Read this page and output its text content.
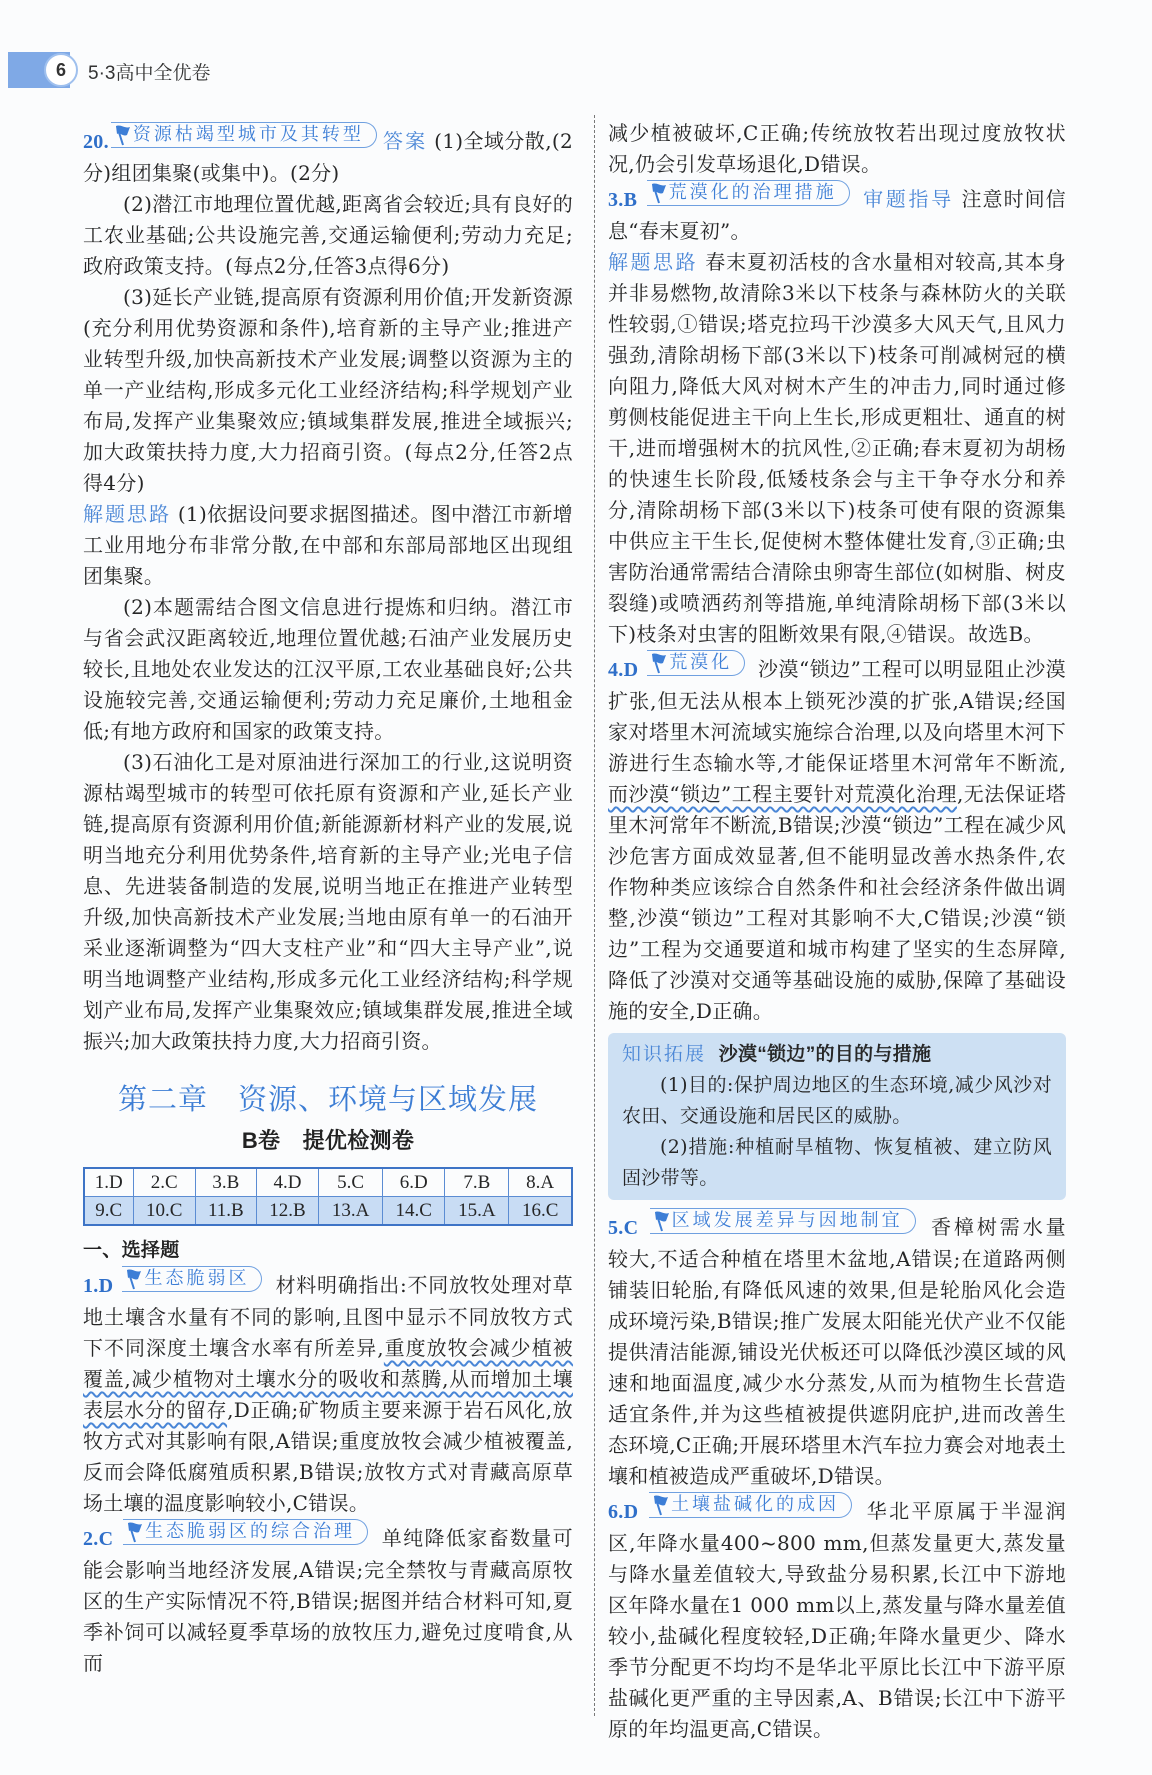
6	5·3高中全优卷

20. 资源枯竭型城市及其转型 答案 (1)全域分散,(2分)组团集聚(或集中)。(2分)

(2)潜江市地理位置优越,距离省会较近;具有良好的工农业基础;公共设施完善,交通运输便利;劳动力充足;政府政策支持。(每点2分,任答3点得6分)

(3)延长产业链,提高原有资源利用价值;开发新资源(充分利用优势资源和条件),培育新的主导产业;推进产业转型升级,加快高新技术产业发展;调整以资源为主的单一产业结构,形成多元化工业经济结构;科学规划产业布局,发挥产业集聚效应;镇域集群发展,推进全域振兴;加大政策扶持力度,大力招商引资。(每点2分,任答2点得4分)

解题思路 (1)依据设问要求据图描述。图中潜江市新增工业用地分布非常分散,在中部和东部局部地区出现组团集聚。

(2)本题需结合图文信息进行提炼和归纳。潜江市与省会武汉距离较近,地理位置优越;石油产业发展历史较长,且地处农业发达的江汉平原,工农业基础良好;公共设施较完善,交通运输便利;劳动力充足廉价,土地租金低;有地方政府和国家的政策支持。

(3)石油化工是对原油进行深加工的行业,这说明资源枯竭型城市的转型可依托原有资源和产业,延长产业链,提高原有资源利用价值;新能源新材料产业的发展,说明当地充分利用优势条件,培育新的主导产业;光电子信息、先进装备制造的发展,说明当地正在推进产业转型升级,加快高新技术产业发展;当地由原有单一的石油开采业逐渐调整为“四大支柱产业”和“四大主导产业”,说明当地调整产业结构,形成多元化工业经济结构;科学规划产业布局,发挥产业集聚效应;镇域集群发展,推进全域振兴;加大政策扶持力度,大力招商引资。

第二章　资源、环境与区域发展
B卷　提优检测卷
1.D	2.C	3.B	4.D	5.C	6.D	7.B	8.A
9.C	10.C	11.B	12.B	13.A	14.C	15.A	16.C
一、选择题

1.D 生态脆弱区 材料明确指出:不同放牧处理对草地土壤含水量有不同的影响,且图中显示不同放牧方式下不同深度土壤含水率有所差异,重度放牧会减少植被覆盖,减少植物对土壤水分的吸收和蒸腾,从而增加土壤表层水分的留存,D正确;矿物质主要来源于岩石风化,放牧方式对其影响有限,A错误;重度放牧会减少植被覆盖,反而会降低腐殖质积累,B错误;放牧方式对青藏高原草场土壤的温度影响较小,C错误。

2.C 生态脆弱区的综合治理 单纯降低家畜数量可能会影响当地经济发展,A错误;完全禁牧与青藏高原牧区的生产实际情况不符,B错误;据图并结合材料可知,夏季补饲可以减轻夏季草场的放牧压力,避免过度啃食,从而

减少植被破坏,C正确;传统放牧若出现过度放牧状况,仍会引发草场退化,D错误。

3.B 荒漠化的治理措施 审题指导 注意时间信息“春末夏初”。

解题思路 春末夏初活枝的含水量相对较高,其本身并非易燃物,故清除3米以下枝条与森林防火的关联性较弱,①错误;塔克拉玛干沙漠多大风天气,且风力强劲,清除胡杨下部(3米以下)枝条可削减树冠的横向阻力,降低大风对树木产生的冲击力,同时通过修剪侧枝能促进主干向上生长,形成更粗壮、通直的树干,进而增强树木的抗风性,②正确;春末夏初为胡杨的快速生长阶段,低矮枝条会与主干争夺水分和养分,清除胡杨下部(3米以下)枝条可使有限的资源集中供应主干生长,促使树木整体健壮发育,③正确;虫害防治通常需结合清除虫卵寄生部位(如树脂、树皮裂缝)或喷洒药剂等措施,单纯清除胡杨下部(3米以下)枝条对虫害的阻断效果有限,④错误。故选B。

4.D 荒漠化 沙漠“锁边”工程可以明显阻止沙漠扩张,但无法从根本上锁死沙漠的扩张,A错误;经国家对塔里木河流域实施综合治理,以及向塔里木河下游进行生态输水等,才能保证塔里木河常年不断流,而沙漠“锁边”工程主要针对荒漠化治理,无法保证塔里木河常年不断流,B错误;沙漠“锁边”工程在减少风沙危害方面成效显著,但不能明显改善水热条件,农作物种类应该综合自然条件和社会经济条件做出调整,沙漠“锁边”工程对其影响不大,C错误;沙漠“锁边”工程为交通要道和城市构建了坚实的生态屏障,降低了沙漠对交通等基础设施的威胁,保障了基础设施的安全,D正确。

知识拓展 沙漠“锁边”的目的与措施

(1)目的:保护周边地区的生态环境,减少风沙对农田、交通设施和居民区的威胁。

(2)措施:种植耐旱植物、恢复植被、建立防风固沙带等。

5.C 区域发展差异与因地制宜 香樟树需水量较大,不适合种植在塔里木盆地,A错误;在道路两侧铺装旧轮胎,有降低风速的效果,但是轮胎风化会造成环境污染,B错误;推广发展太阳能光伏产业不仅能提供清洁能源,铺设光伏板还可以降低沙漠区域的风速和地面温度,减少水分蒸发,从而为植物生长营造适宜条件,并为这些植被提供遮阴庇护,进而改善生态环境,C正确;开展环塔里木汽车拉力赛会对地表土壤和植被造成严重破坏,D错误。

6.D 土壤盐碱化的成因 华北平原属于半湿润区,年降水量400~800 mm,但蒸发量更大,蒸发量与降水量差值较大,导致盐分易积累,长江中下游地区年降水量在1 000 mm以上,蒸发量与降水量差值较小,盐碱化程度较轻,D正确;年降水量更少、降水季节分配更不均均不是华北平原比长江中下游平原盐碱化更严重的主导因素,A、B错误;长江中下游平原的年均温更高,C错误。
